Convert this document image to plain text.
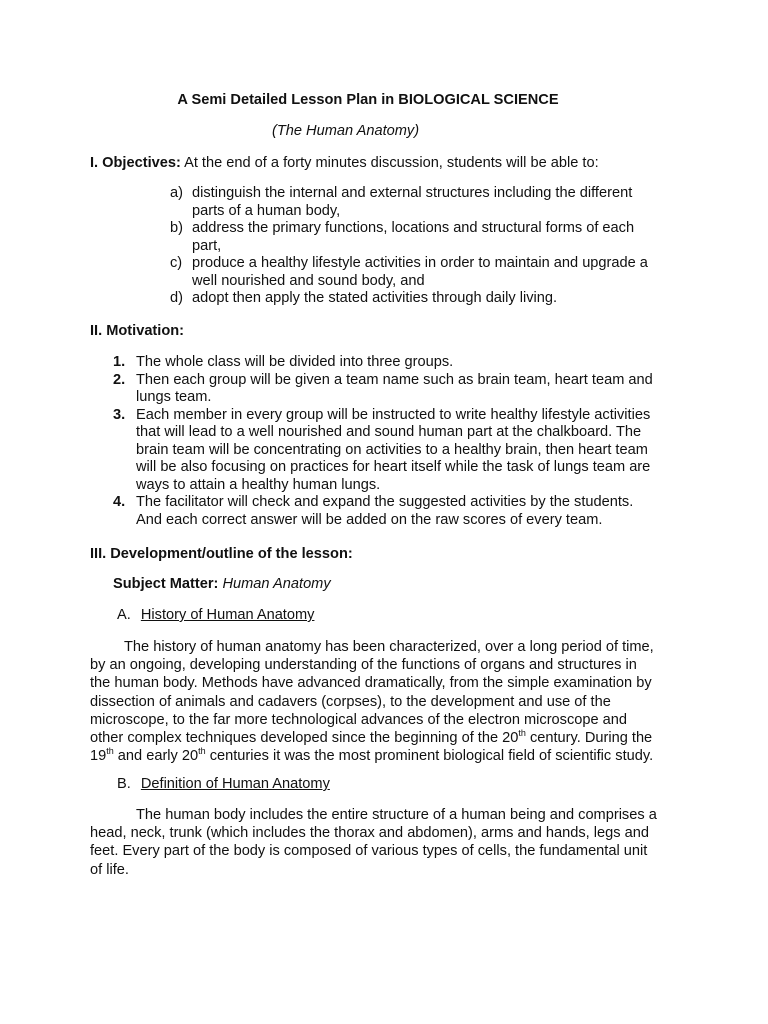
A Semi Detailed Lesson Plan in BIOLOGICAL SCIENCE
(The Human Anatomy)
I. Objectives: At the end of a forty minutes discussion, students will be able to:
a) distinguish the internal and external structures including the different
parts of a human body,
b) address the primary functions, locations and structural forms of each
part,
c) produce a healthy lifestyle activities in order to maintain and upgrade a
well nourished and sound body, and
d) adopt then apply the stated activities through daily living.
II. Motivation:
1. The whole class will be divided into three groups.
2. Then each group will be given a team name such as brain team, heart team and
lungs team.
3. Each member in every group will be instructed to write healthy lifestyle activities
that will lead to a well nourished and sound human part at the chalkboard. The
brain team will be concentrating on activities to a healthy brain, then heart team
will be also focusing on practices for heart itself while the task of lungs team are
ways to attain a healthy human lungs.
4. The facilitator will check and expand the suggested activities by the students.
And each correct answer will be added on the raw scores of every team.
III. Development/outline of the lesson:
Subject Matter: Human Anatomy
A. History of Human Anatomy
The history of human anatomy has been characterized, over a long period of time,
by an ongoing, developing understanding of the functions of organs and structures in
the human body. Methods have advanced dramatically, from the simple examination by
dissection of animals and cadavers (corpses), to the development and use of the
microscope, to the far more technological advances of the electron microscope and
other complex techniques developed since the beginning of the 20th century. During the
19th and early 20th centuries it was the most prominent biological field of scientific study.
B. Definition of Human Anatomy
The human body includes the entire structure of a human being and comprises a
head, neck, trunk (which includes the thorax and abdomen), arms and hands, legs and
feet. Every part of the body is composed of various types of cells, the fundamental unit
of life.
